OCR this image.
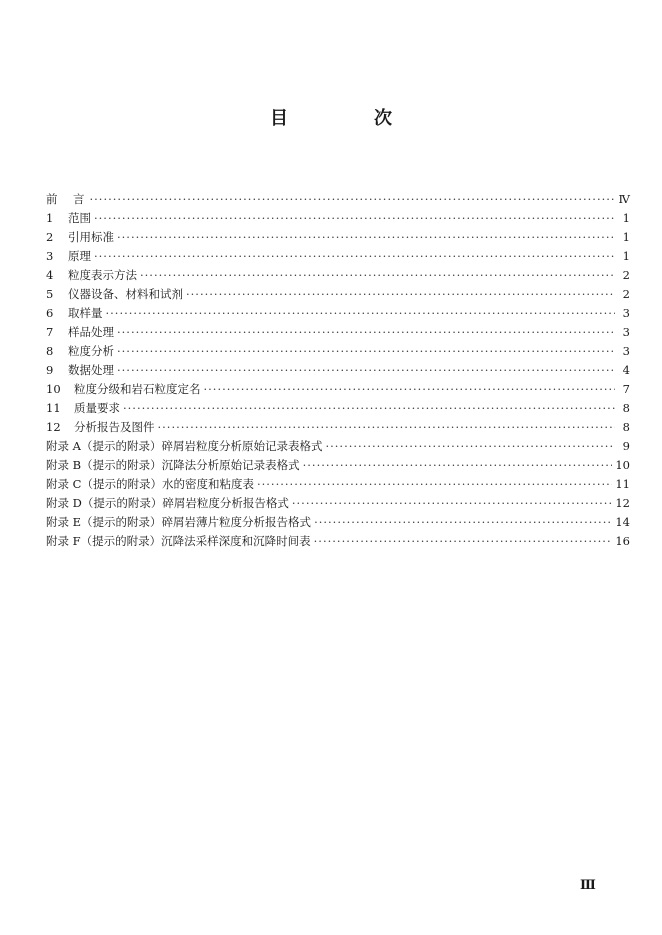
目　次
前　言 ·····	Ⅳ
1	范围 ·····	1
2	引用标准 ·····	1
3	原理 ·····	1
4	粒度表示方法 ·····	2
5	仪器设备、材料和试剂 ·····	2
6	取样量 ·····	3
7	样品处理 ·····	3
8	粒度分析 ·····	3
9	数据处理 ·····	4
10	粒度分级和岩石粒度定名 ·····	7
11	质量要求 ·····	8
12	分析报告及图件 ·····	8
附录 A（提示的附录） 碎屑岩粒度分析原始记录表格式 ·····	9
附录 B（提示的附录） 沉降法分析原始记录表格式 ·····	10
附录 C（提示的附录） 水的密度和粘度表 ·····	11
附录 D（提示的附录） 碎屑岩粒度分析报告格式 ·····	12
附录 E（提示的附录） 碎屑岩薄片粒度分析报告格式 ·····	14
附录 F（提示的附录） 沉降法采样深度和沉降时间表 ·····	16
Ⅲ
